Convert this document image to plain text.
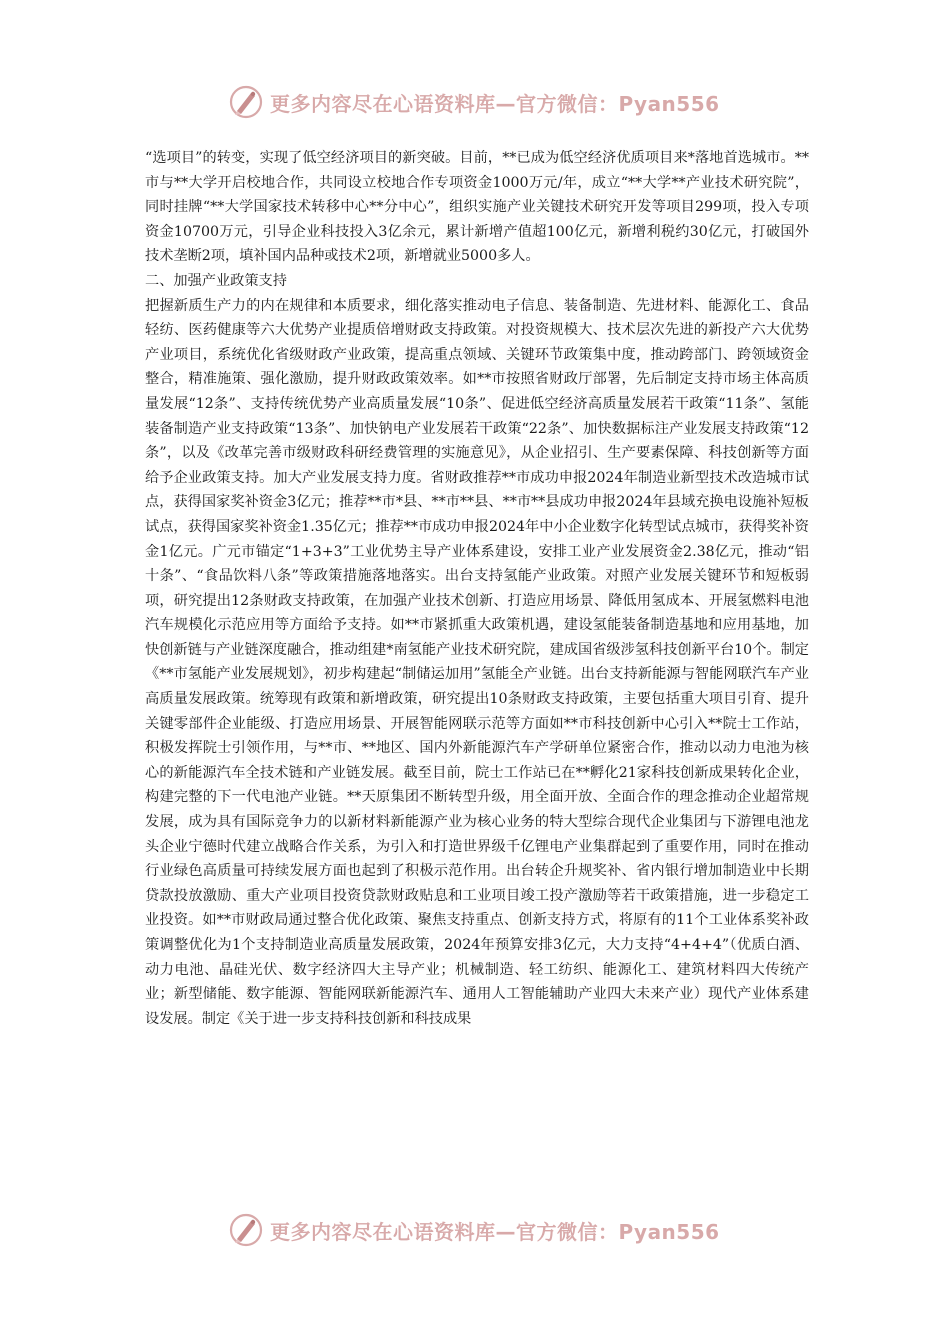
更多内容尽在心语资料库—官方微信：Pyan556

“选项目”的转变，实现了低空经济项目的新突破。目前，**已成为低空经济优质项目来*落地首选城市。**市与**大学开启校地合作，共同设立校地合作专项资金1000万元/年，成立“**大学**产业技术研究院”，同时挂牌“**大学国家技术转移中心**分中心”，组织实施产业关键技术研究开发等项目299项，投入专项资金10700万元，引导企业科技投入3亿余元，累计新增产值超100亿元，新增利税约30亿元，打破国外技术垄断2项，填补国内品种或技术2项，新增就业5000多人。

二、加强产业政策支持

把握新质生产力的内在规律和本质要求，细化落实推动电子信息、装备制造、先进材料、能源化工、食品轻纺、医药健康等六大优势产业提质倍增财政支持政策。对投资规模大、技术层次先进的新投产六大优势产业项目，系统优化省级财政产业政策，提高重点领域、关键环节政策集中度，推动跨部门、跨领域资金整合，精准施策、强化激励，提升财政政策效率。如**市按照省财政厅部署，先后制定支持市场主体高质量发展“12条”、支持传统优势产业高质量发展“10条”、促进低空经济高质量发展若干政策“11条”、氢能装备制造产业支持政策“13条”、加快钠电产业发展若干政策“22条”、加快数据标注产业发展支持政策“12条”，以及《改革完善市级财政科研经费管理的实施意见》，从企业招引、生产要素保障、科技创新等方面给予企业政策支持。加大产业发展支持力度。省财政推荐**市成功申报2024年制造业新型技术改造城市试点，获得国家奖补资金3亿元；推荐**市*县、**市**县、**市**县成功申报2024年县域充换电设施补短板试点，获得国家奖补资金1.35亿元；推荐**市成功申报2024年中小企业数字化转型试点城市，获得奖补资金1亿元。广元市锚定“1+3+3”工业优势主导产业体系建设，安排工业产业发展资金2.38亿元，推动“铝十条”、“食品饮料八条”等政策措施落地落实。出台支持氢能产业政策。对照产业发展关键环节和短板弱项，研究提出12条财政支持政策，在加强产业技术创新、打造应用场景、降低用氢成本、开展氢燃料电池汽车规模化示范应用等方面给予支持。如**市紧抓重大政策机遇，建设氢能装备制造基地和应用基地，加快创新链与产业链深度融合，推动组建*南氢能产业技术研究院，建成国省级涉氢科技创新平台10个。制定《**市氢能产业发展规划》，初步构建起“制储运加用”氢能全产业链。出台支持新能源与智能网联汽车产业高质量发展政策。统筹现有政策和新增政策，研究提出10条财政支持政策，主要包括重大项目引育、提升关键零部件企业能级、打造应用场景、开展智能网联示范等方面如**市科技创新中心引入**院士工作站，积极发挥院士引领作用，与**市、**地区、国内外新能源汽车产学研单位紧密合作，推动以动力电池为核心的新能源汽车全技术链和产业链发展。截至目前，院士工作站已在**孵化21家科技创新成果转化企业，构建完整的下一代电池产业链。**天原集团不断转型升级，用全面开放、全面合作的理念推动企业超常规发展，成为具有国际竞争力的以新材料新能源产业为核心业务的特大型综合现代企业集团与下游锂电池龙头企业宁德时代建立战略合作关系，为引入和打造世界级千亿锂电产业集群起到了重要作用，同时在推动行业绿色高质量可持续发展方面也起到了积极示范作用。出台转企升规奖补、省内银行增加制造业中长期贷款投放激励、重大产业项目投资贷款财政贴息和工业项目竣工投产激励等若干政策措施，进一步稳定工业投资。如**市财政局通过整合优化政策、聚焦支持重点、创新支持方式，将原有的11个工业体系奖补政策调整优化为1个支持制造业高质量发展政策，2024年预算安排3亿元，大力支持“4+4+4”（优质白酒、动力电池、晶硅光伏、数字经济四大主导产业；机械制造、轻工纺织、能源化工、建筑材料四大传统产业；新型储能、数字能源、智能网联新能源汽车、通用人工智能辅助产业四大未来产业）现代产业体系建设发展。制定《关于进一步支持科技创新和科技成果

更多内容尽在心语资料库—官方微信：Pyan556
